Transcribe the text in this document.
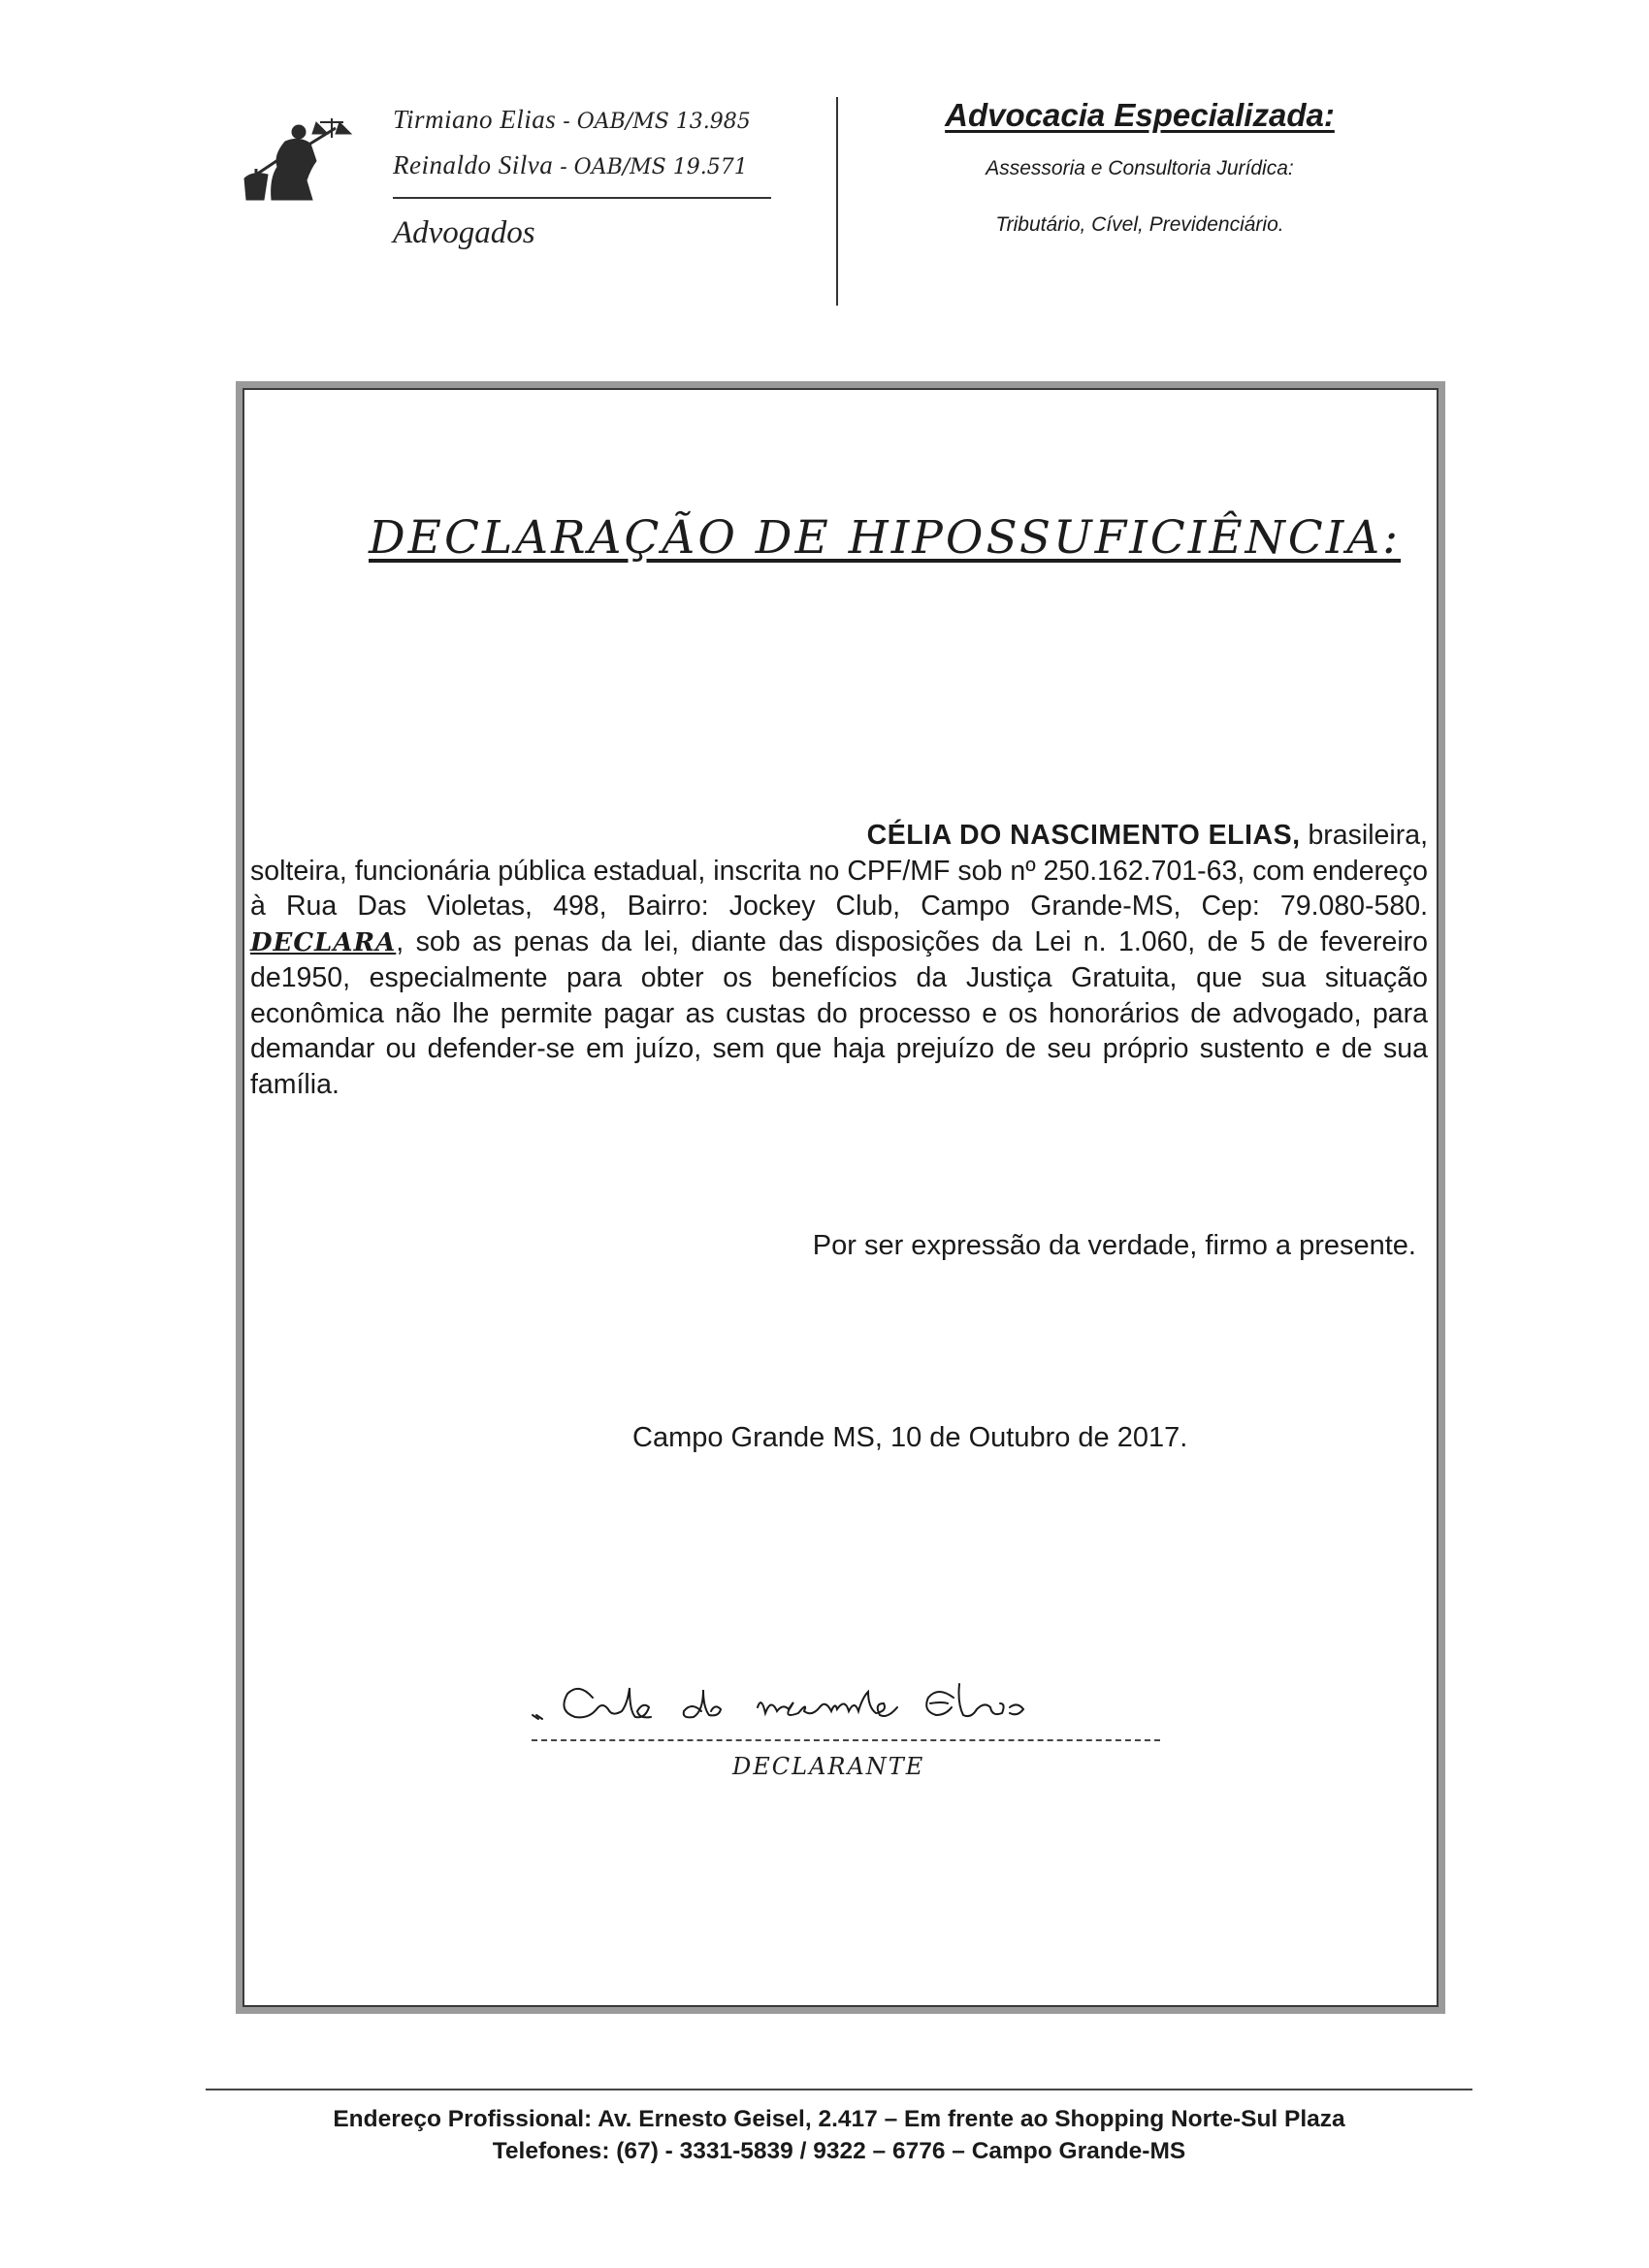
Tirmiano Elias - OAB/MS 13.985
Reinaldo Silva - OAB/MS 19.571
Advogados
Advocacia Especializada:
Assessoria e Consultoria Jurídica:
Tributário, Cível, Previdenciário.
DECLARAÇÃO DE HIPOSSUFICIÊNCIA:
CÉLIA DO NASCIMENTO ELIAS, brasileira,
solteira, funcionária pública estadual, inscrita no CPF/MF sob nº 250.162.701-63, com endereço à Rua Das Violetas, 498, Bairro: Jockey Club, Campo Grande-MS, Cep: 79.080-580. DECLARA, sob as penas da lei, diante das disposições da Lei n. 1.060, de 5 de fevereiro de1950, especialmente para obter os benefícios da Justiça Gratuita, que sua situação econômica não lhe permite pagar as custas do processo e os honorários de advogado, para demandar ou defender-se em juízo, sem que haja prejuízo de seu próprio sustento e de sua família.
Por ser expressão da verdade, firmo a presente.
Campo Grande MS, 10 de Outubro de 2017.
DECLARANTE
Endereço Profissional: Av. Ernesto Geisel, 2.417 – Em frente ao Shopping Norte-Sul Plaza
Telefones: (67) - 3331-5839 / 9322 – 6776 – Campo Grande-MS
